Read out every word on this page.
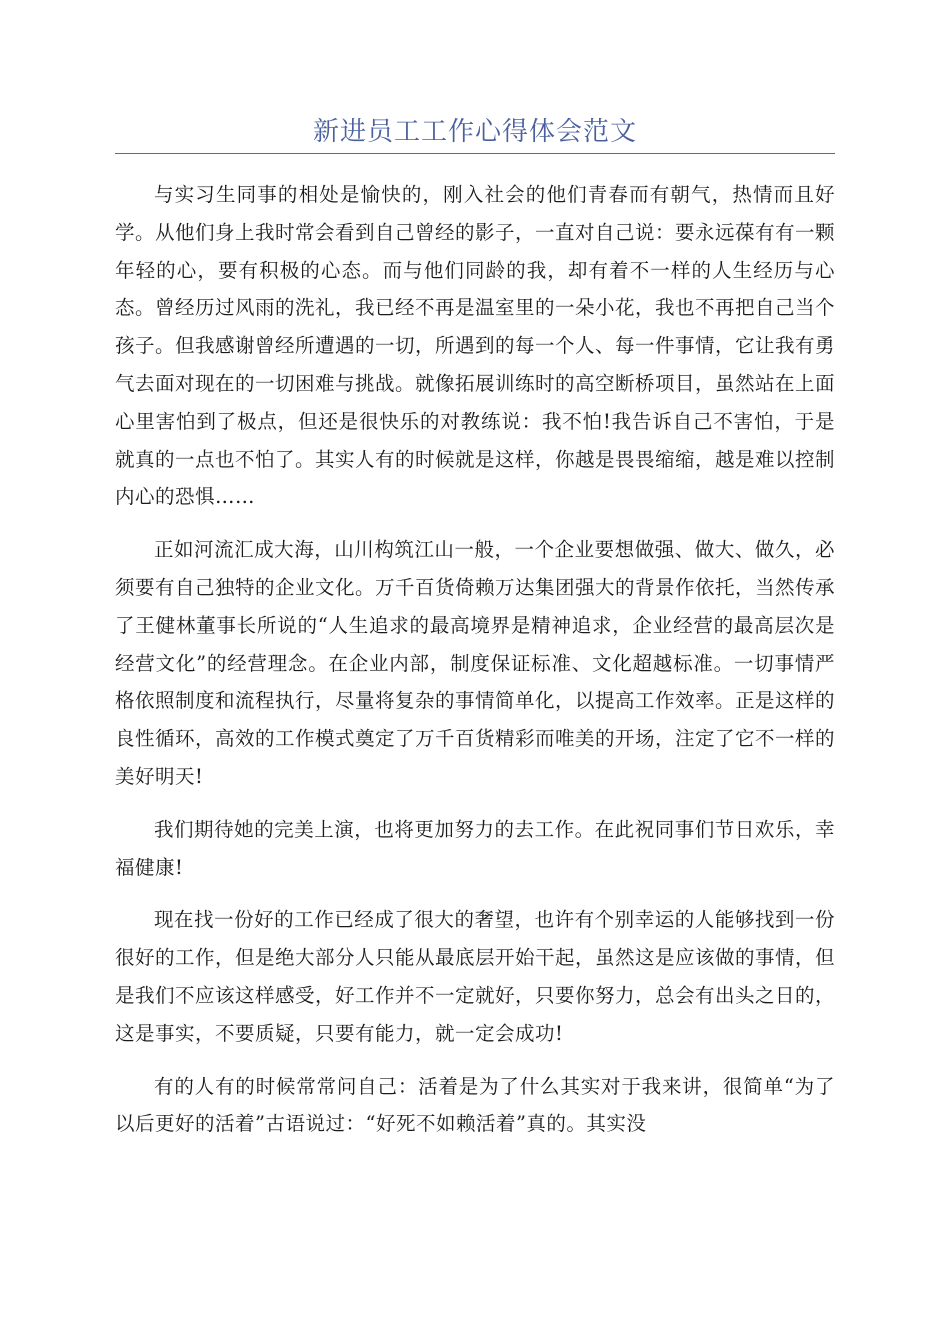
新进员工工作心得体会范文

与实习生同事的相处是愉快的，刚入社会的他们青春而有朝气，热情而且好学。从他们身上我时常会看到自己曾经的影子，一直对自己说：要永远葆有有一颗年轻的心，要有积极的心态。而与他们同龄的我，却有着不一样的人生经历与心态。曾经历过风雨的洗礼，我已经不再是温室里的一朵小花，我也不再把自己当个孩子。但我感谢曾经所遭遇的一切，所遇到的每一个人、每一件事情，它让我有勇气去面对现在的一切困难与挑战。就像拓展训练时的高空断桥项目，虽然站在上面心里害怕到了极点，但还是很快乐的对教练说：我不怕!我告诉自己不害怕，于是就真的一点也不怕了。其实人有的时候就是这样，你越是畏畏缩缩，越是难以控制内心的恐惧……

正如河流汇成大海，山川构筑江山一般，一个企业要想做强、做大、做久，必须要有自己独特的企业文化。万千百货倚赖万达集团强大的背景作依托，当然传承了王健林董事长所说的“人生追求的最高境界是精神追求，企业经营的最高层次是经营文化”的经营理念。在企业内部，制度保证标准、文化超越标准。一切事情严格依照制度和流程执行，尽量将复杂的事情简单化，以提高工作效率。正是这样的良性循环，高效的工作模式奠定了万千百货精彩而唯美的开场，注定了它不一样的美好明天!

我们期待她的完美上演，也将更加努力的去工作。在此祝同事们节日欢乐，幸福健康!

现在找一份好的工作已经成了很大的奢望，也许有个别幸运的人能够找到一份很好的工作，但是绝大部分人只能从最底层开始干起，虽然这是应该做的事情，但是我们不应该这样感受，好工作并不一定就好，只要你努力，总会有出头之日的，这是事实，不要质疑，只要有能力，就一定会成功!

有的人有的时候常常问自己：活着是为了什么其实对于我来讲，很简单“为了以后更好的活着”古语说过：“好死不如赖活着”真的。其实没
